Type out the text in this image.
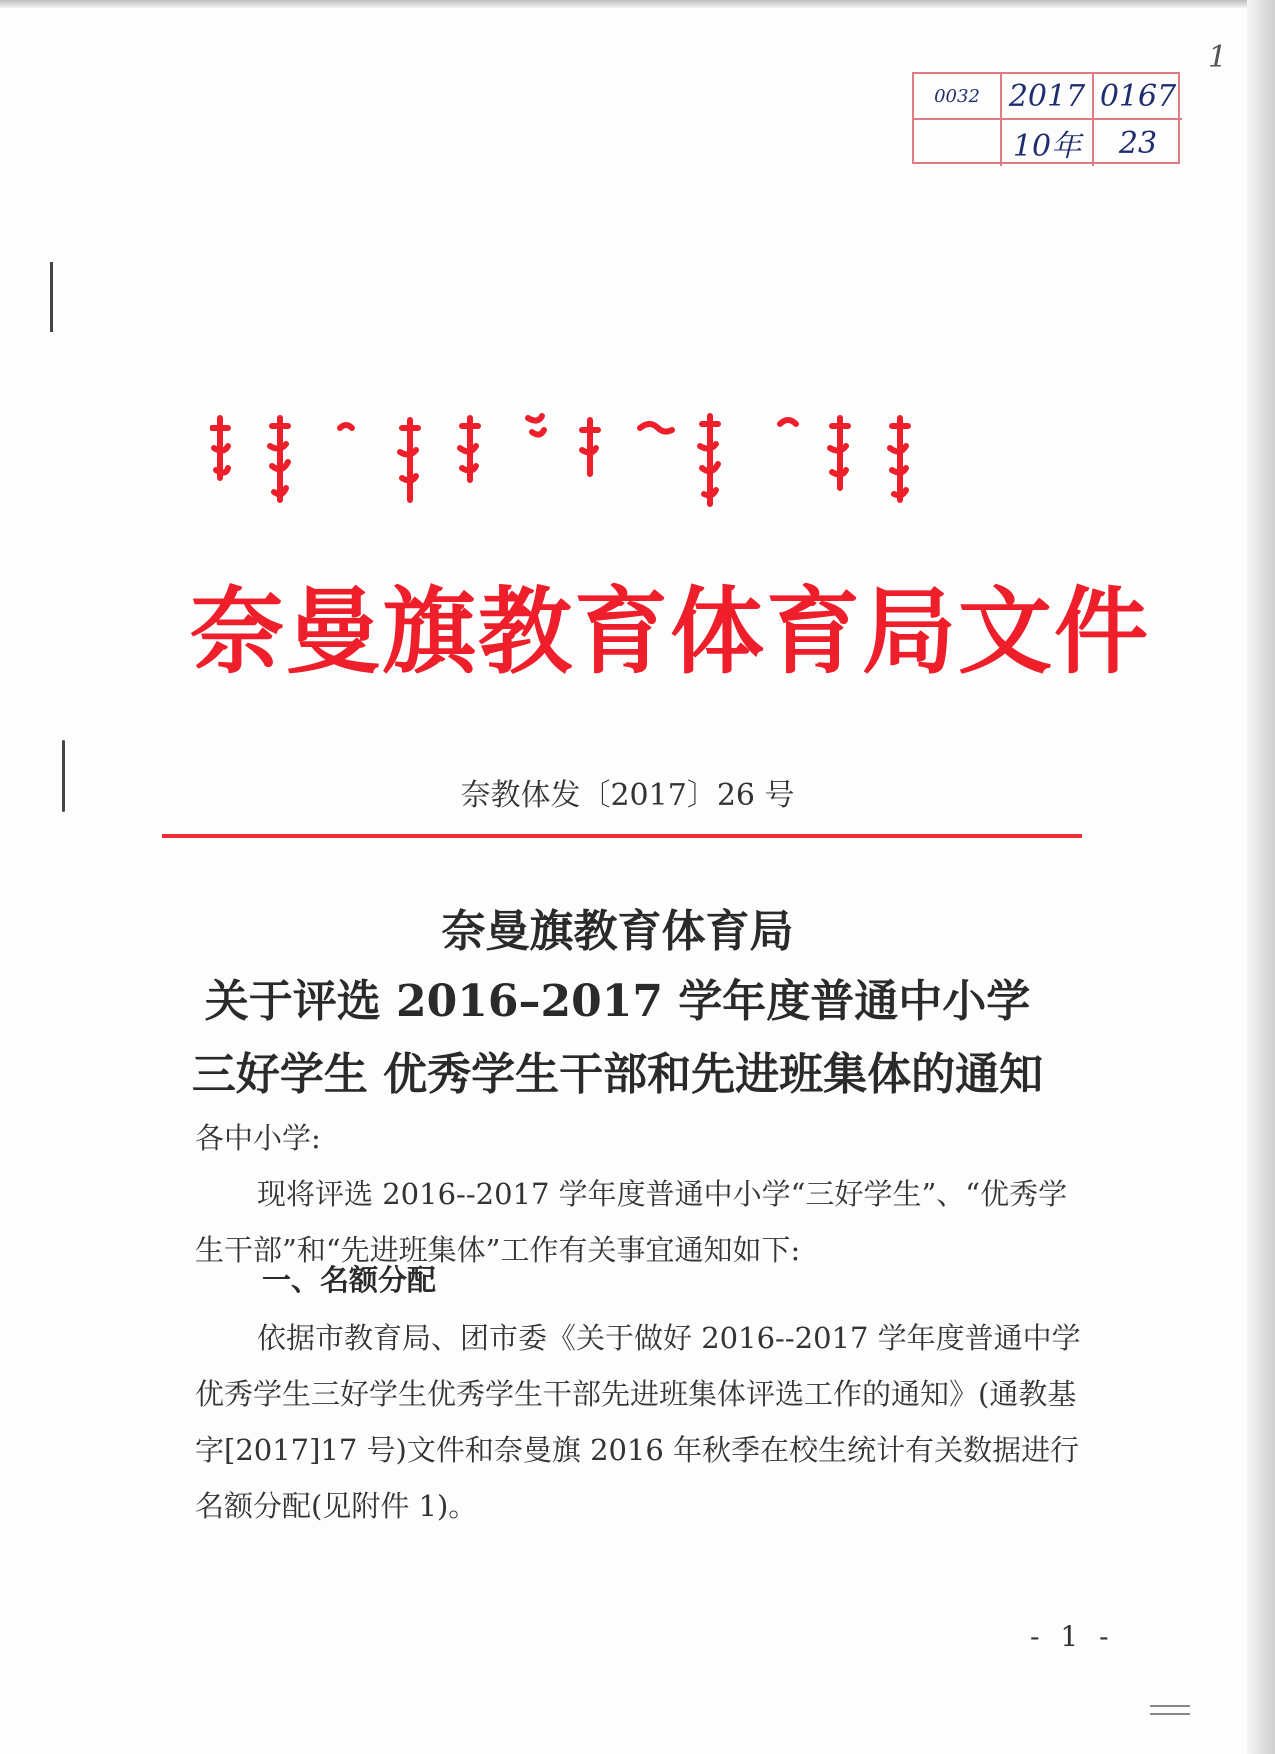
1
0032 2017 0167
10年	23
奈曼旗教育体育局文件
奈教体发〔2017〕26 号
奈曼旗教育体育局
关于评选 2016–2017 学年度普通中小学
三好学生 优秀学生干部和先进班集体的通知
各中小学:
现将评选 2016--2017 学年度普通中小学“三好学生”、“优秀学生干部”和“先进班集体”工作有关事宜通知如下:
一、名额分配
依据市教育局、团市委《关于做好 2016--2017 学年度普通中学优秀学生三好学生优秀学生干部先进班集体评选工作的通知》(通教基字[2017]17 号)文件和奈曼旗 2016 年秋季在校生统计有关数据进行名额分配(见附件 1)。
- 1 -
